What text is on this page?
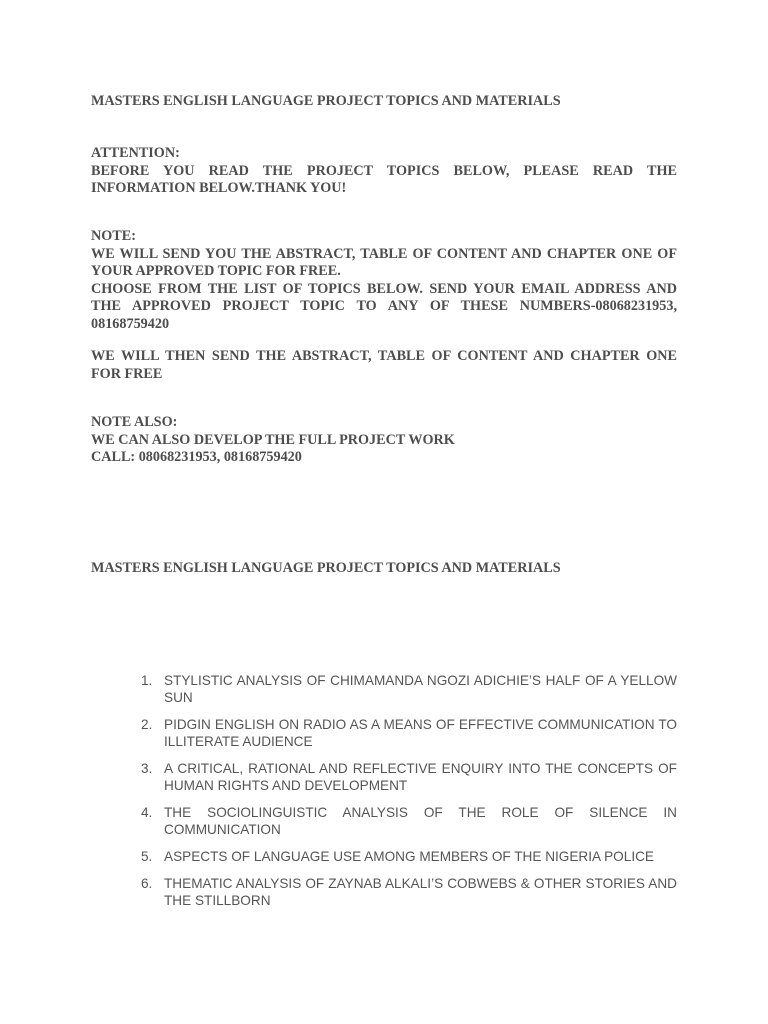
MASTERS ENGLISH LANGUAGE PROJECT TOPICS AND MATERIALS

ATTENTION:
BEFORE YOU READ THE PROJECT TOPICS BELOW, PLEASE READ THE INFORMATION BELOW.THANK YOU!
NOTE:
WE WILL SEND YOU THE ABSTRACT, TABLE OF CONTENT AND CHAPTER ONE OF YOUR APPROVED TOPIC FOR FREE.
CHOOSE FROM THE LIST OF TOPICS BELOW. SEND YOUR EMAIL ADDRESS AND THE APPROVED PROJECT TOPIC TO ANY OF THESE NUMBERS-08068231953, 08168759420

WE WILL THEN SEND THE ABSTRACT, TABLE OF CONTENT AND CHAPTER ONE FOR FREE

NOTE ALSO:
WE CAN ALSO DEVELOP THE FULL PROJECT WORK
CALL: 08068231953, 08168759420

MASTERS ENGLISH LANGUAGE PROJECT TOPICS AND MATERIALS

1. STYLISTIC ANALYSIS OF CHIMAMANDA NGOZI ADICHIE’S HALF OF A YELLOW SUN
2. PIDGIN ENGLISH ON RADIO AS A MEANS OF EFFECTIVE COMMUNICATION TO ILLITERATE AUDIENCE
3. A CRITICAL, RATIONAL AND REFLECTIVE ENQUIRY INTO THE CONCEPTS OF HUMAN RIGHTS AND DEVELOPMENT
4. THE SOCIOLINGUISTIC ANALYSIS OF THE ROLE OF SILENCE IN COMMUNICATION
5. ASPECTS OF LANGUAGE USE AMONG MEMBERS OF THE NIGERIA POLICE
6. THEMATIC ANALYSIS OF ZAYNAB ALKALI’S COBWEBS & OTHER STORIES AND THE STILLBORN
